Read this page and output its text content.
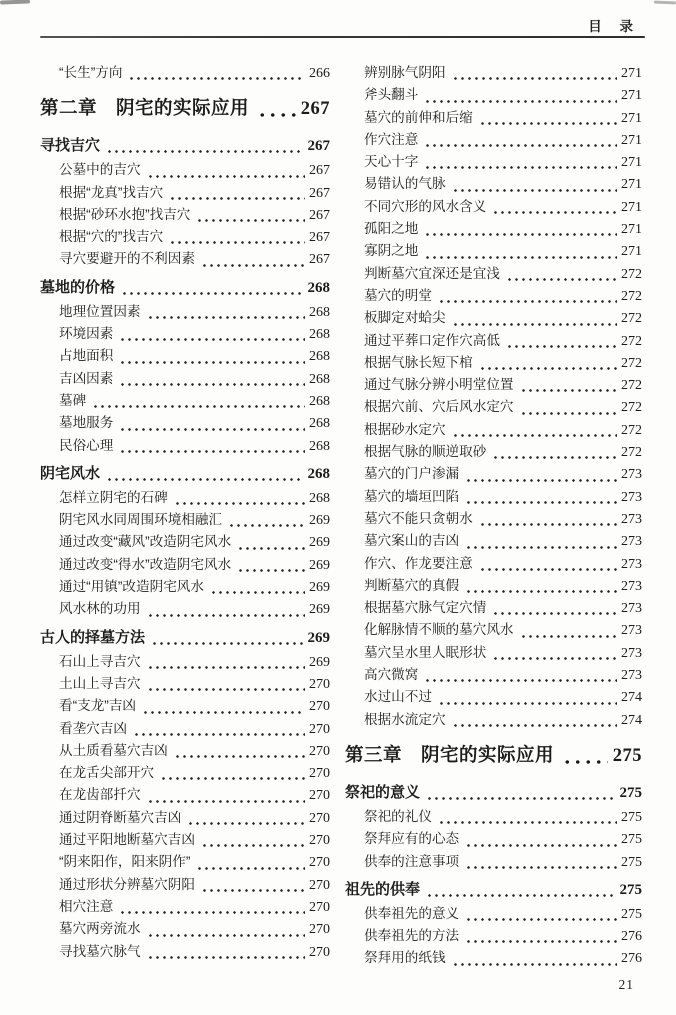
目 录
“长生”方向	266
第二章　阴宅的实际应用	267
寻找吉穴	267
公墓中的吉穴	267
根据“龙真”找吉穴	267
根据“砂环水抱”找吉穴	267
根据“穴的”找吉穴	267
寻穴要避开的不利因素	267
墓地的价格	268
地理位置因素	268
环境因素	268
占地面积	268
吉凶因素	268
墓碑	268
墓地服务	268
民俗心理	268
阴宅风水	268
怎样立阴宅的石碑	268
阴宅风水同周围环境相融汇	269
通过改变“藏风”改造阴宅风水	269
通过改变“得水”改造阴宅风水	269
通过“用镇”改造阴宅风水	269
风水林的功用	269
古人的择墓方法	269
石山上寻吉穴	269
土山上寻吉穴	270
看“支龙”吉凶	270
看垄穴吉凶	270
从土质看墓穴吉凶	270
在龙舌尖部开穴	270
在龙齿部扦穴	270
通过阴脊断墓穴吉凶	270
通过平阳地断墓穴吉凶	270
“阴来阳作，阳来阴作”	270
通过形状分辨墓穴阴阳	270
相穴注意	270
墓穴两旁流水	270
寻找墓穴脉气	270
辨别脉气阴阳	271
斧头翻斗	271
墓穴的前伸和后缩	271
作穴注意	271
天心十字	271
易错认的气脉	271
不同穴形的风水含义	271
孤阳之地	271
寡阴之地	271
判断墓穴宜深还是宜浅	272
墓穴的明堂	272
板脚定对蛤尖	272
通过平葬口定作穴高低	272
根据气脉长短下棺	272
通过气脉分辨小明堂位置	272
根据穴前、穴后风水定穴	272
根据砂水定穴	272
根据气脉的顺逆取砂	272
墓穴的门户渗漏	273
墓穴的墙垣凹陷	273
墓穴不能只贪朝水	273
墓穴案山的吉凶	273
作穴、作龙要注意	273
判断墓穴的真假	273
根据墓穴脉气定穴情	273
化解脉情不顺的墓穴风水	273
墓穴呈水里人眠形状	273
高穴微窝	273
水过山不过	274
根据水流定穴	274
第三章　阴宅的实际应用	275
祭祀的意义	275
祭祀的礼仪	275
祭拜应有的心态	275
供奉的注意事项	275
祖先的供奉	275
供奉祖先的意义	275
供奉祖先的方法	276
祭拜用的纸钱	276
21
